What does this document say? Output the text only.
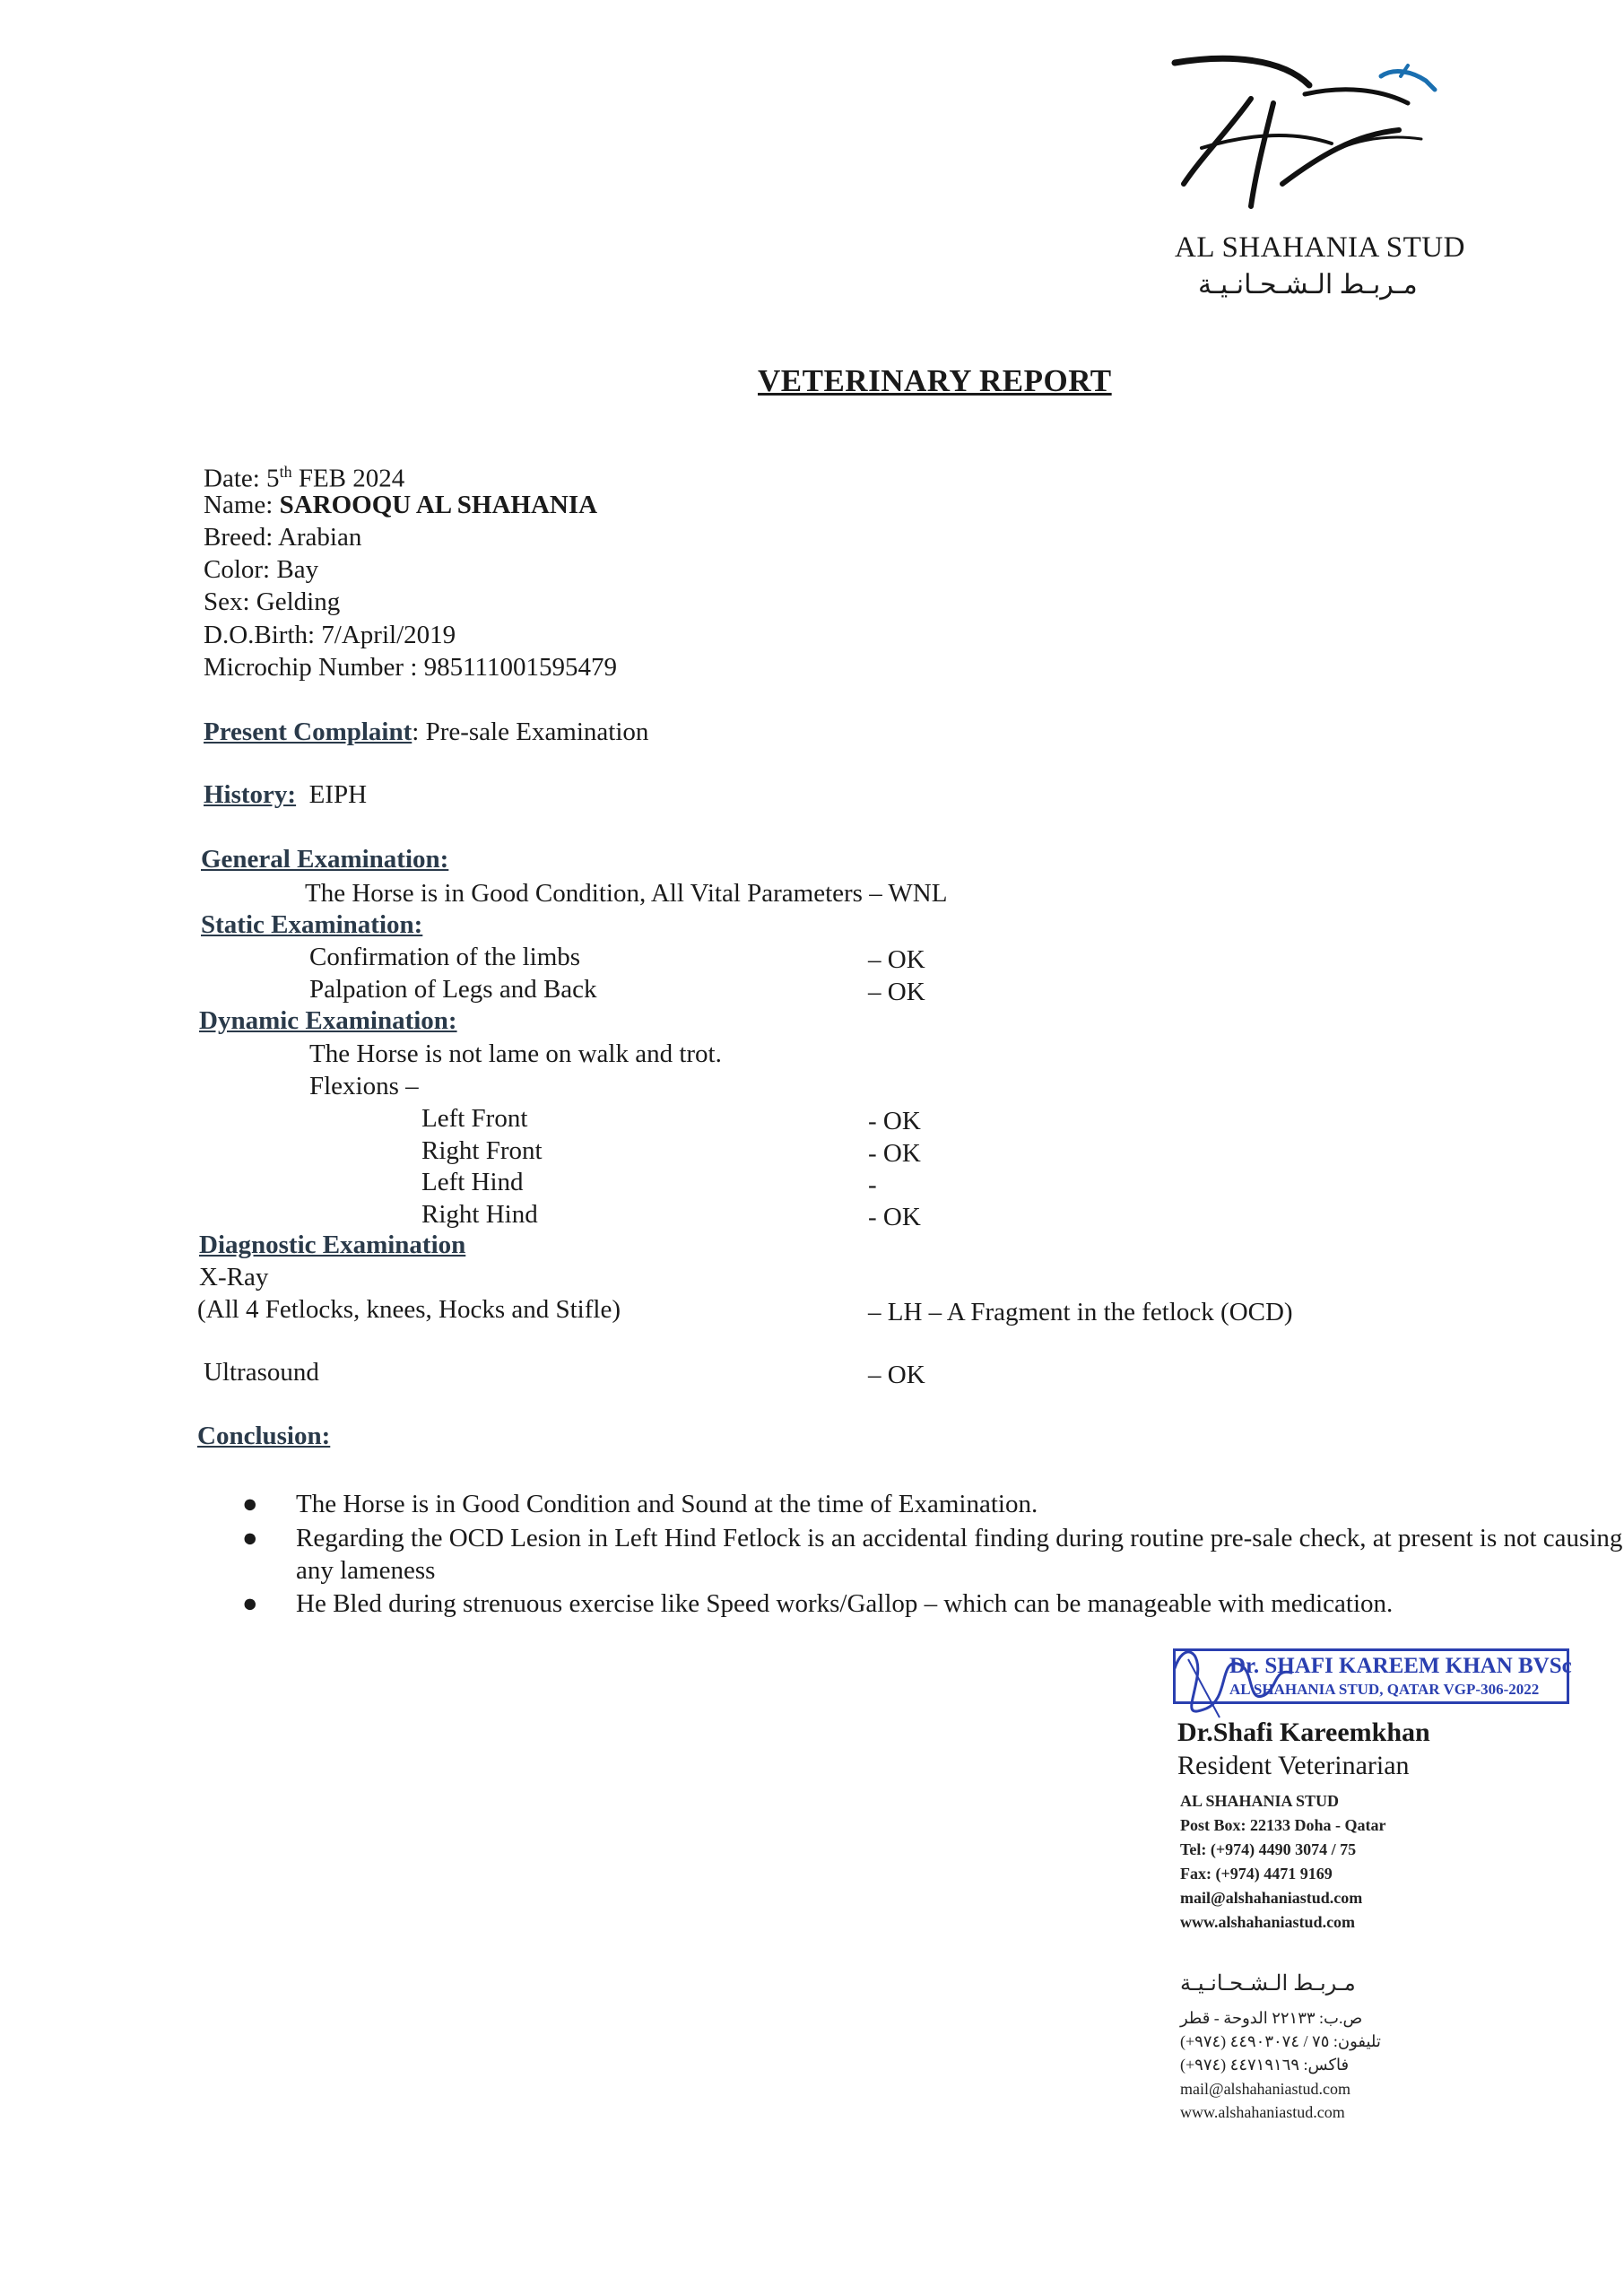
AL SHAHANIA STUD
مـربـط الـشـحـانـيـة
VETERINARY REPORT
Date: 5th FEB 2024
Name: SAROOQU AL SHAHANIA
Breed: Arabian
Color: Bay
Sex: Gelding
D.O.Birth: 7/April/2019
Microchip Number : 985111001595479
Present Complaint: Pre-sale Examination
History: EIPH
General Examination:
The Horse is in Good Condition, All Vital Parameters – WNL
Static Examination:
Confirmation of the limbs	– OK
Palpation of Legs and Back	– OK
Dynamic Examination:
The Horse is not lame on walk and trot.
Flexions –
Left Front	- OK
Right Front	- OK
Left Hind	-
Right Hind	- OK
Diagnostic Examination
X-Ray
(All 4 Fetlocks, knees, Hocks and Stifle)	– LH – A Fragment in the fetlock (OCD)
Ultrasound	– OK
Conclusion:
● The Horse is in Good Condition and Sound at the time of Examination.
● Regarding the OCD Lesion in Left Hind Fetlock is an accidental finding during routine pre-sale check, at present is not causing any lameness
● He Bled during strenuous exercise like Speed works/Gallop – which can be manageable with medication.
Dr. SHAFI KAREEM KHAN BVSc
AL SHAHANIA STUD, QATAR VGP-306-2022
Dr.Shafi Kareemkhan
Resident Veterinarian
AL SHAHANIA STUD
Post Box: 22133 Doha - Qatar
Tel: (+974) 4490 3074 / 75
Fax: (+974) 4471 9169
mail@alshahaniastud.com
www.alshahaniastud.com
مـربـط الـشـحـانـيـة
ص.ب: ٢٢١٣٣ الدوحة - قطر
تليفون: ٧٥ / ٤٤٩٠٣٠٧٤ (٩٧٤+)
فاكس: ٤٤٧١٩١٦٩ (٩٧٤+)
mail@alshahaniastud.com
www.alshahaniastud.com
